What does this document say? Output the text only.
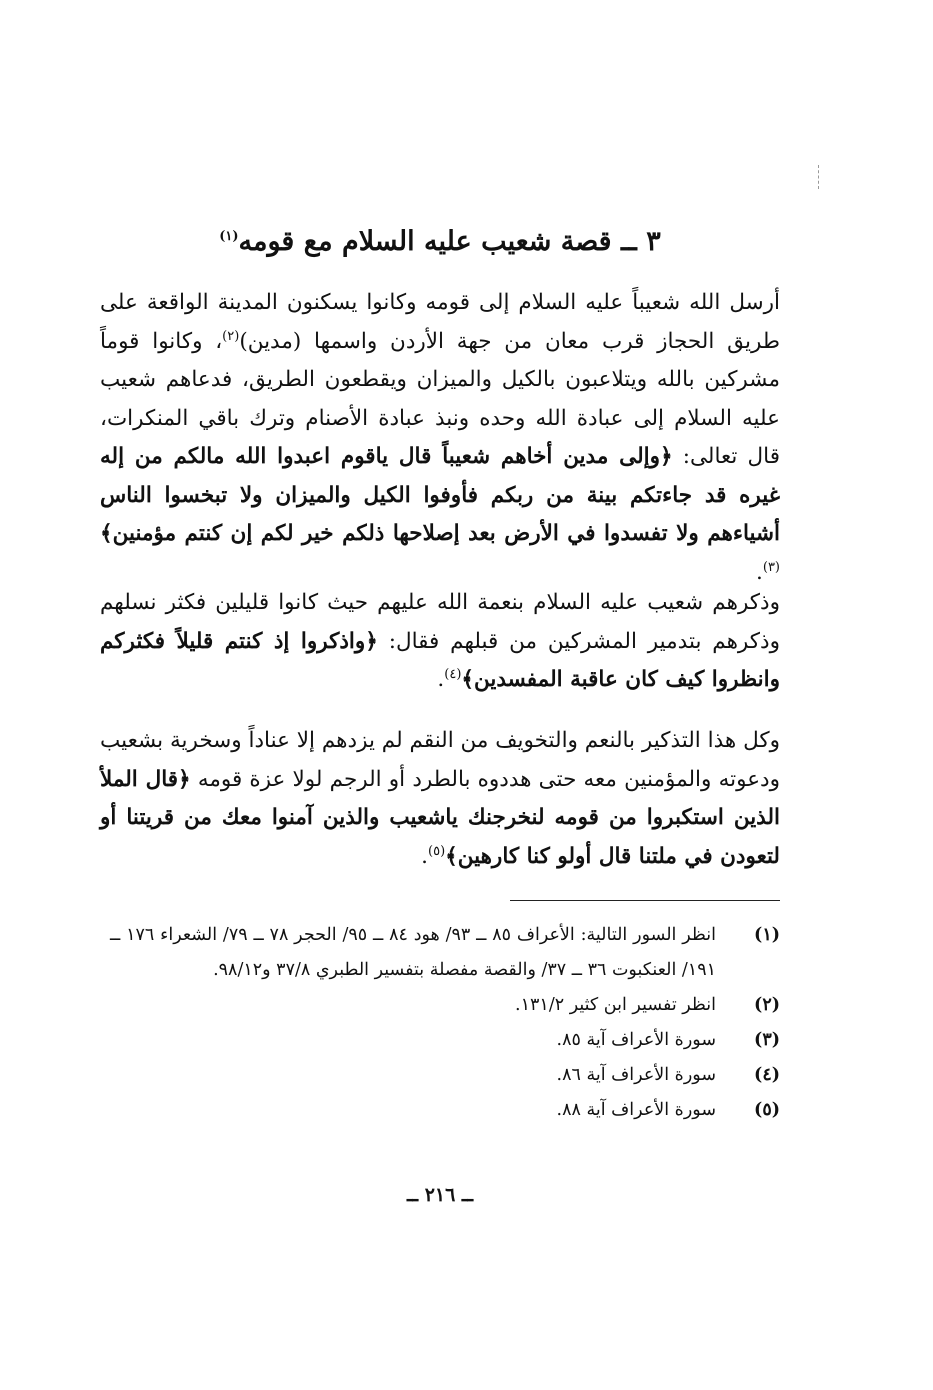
٣ ــ قصة شعيب عليه السلام مع قومه$^{(١)}$

أرسل الله شعيباً عليه السلام إلى قومه وكانوا يسكنون المدينة الواقعة على طريق الحجاز قرب معان من جهة الأردن واسمها (مدين)$^{(٢)}$، وكانوا قوماً مشركين بالله ويتلاعبون بالكيل والميزان ويقطعون الطريق، فدعاهم شعيب عليه السلام إلى عبادة الله وحده ونبذ عبادة الأصنام وترك باقي المنكرات، قال تعالى: ﴿وإلى مدين أخاهم شعيباً قال ياقوم اعبدوا الله مالكم من إله غيره قد جاءتكم بينة من ربكم فأوفوا الكيل والميزان ولا تبخسوا الناس أشياءهم ولا تفسدوا في الأرض بعد إصلاحها ذلكم خير لكم إن كنتم مؤمنين﴾$^{(٣)}$.

وذكرهم شعيب عليه السلام بنعمة الله عليهم حيث كانوا قليلين فكثر نسلهم وذكرهم بتدمير المشركين من قبلهم فقال: ﴿واذكروا إذ كنتم قليلاً فكثركم وانظروا كيف كان عاقبة المفسدين﴾$^{(٤)}$.

وكل هذا التذكير بالنعم والتخويف من النقم لم يزدهم إلا عناداً وسخرية بشعيب ودعوته والمؤمنين معه حتى هددوه بالطرد أو الرجم لولا عزة قومه ﴿قال الملأ الذين استكبروا من قومه لنخرجنك ياشعيب والذين آمنوا معك من قريتنا أو لتعودن في ملتنا قال أولو كنا كارهين﴾$^{(٥)}$.

(١)
انظر السور التالية: الأعراف ٨٥ ــ ٩٣/ هود ٨٤ ــ ٩٥/ الحجر ٧٨ ــ ٧٩/ الشعراء ١٧٦ ــ ١٩١/ العنكبوت ٣٦ ــ ٣٧/ والقصة مفصلة بتفسير الطبري ٣٧/٨ و٩٨/١٢.
(٢)
انظر تفسير ابن كثير ١٣١/٢.
(٣)
سورة الأعراف آية ٨٥.
(٤)
سورة الأعراف آية ٨٦.
(٥)
سورة الأعراف آية ٨٨.
ــ ٢١٦ ــ
